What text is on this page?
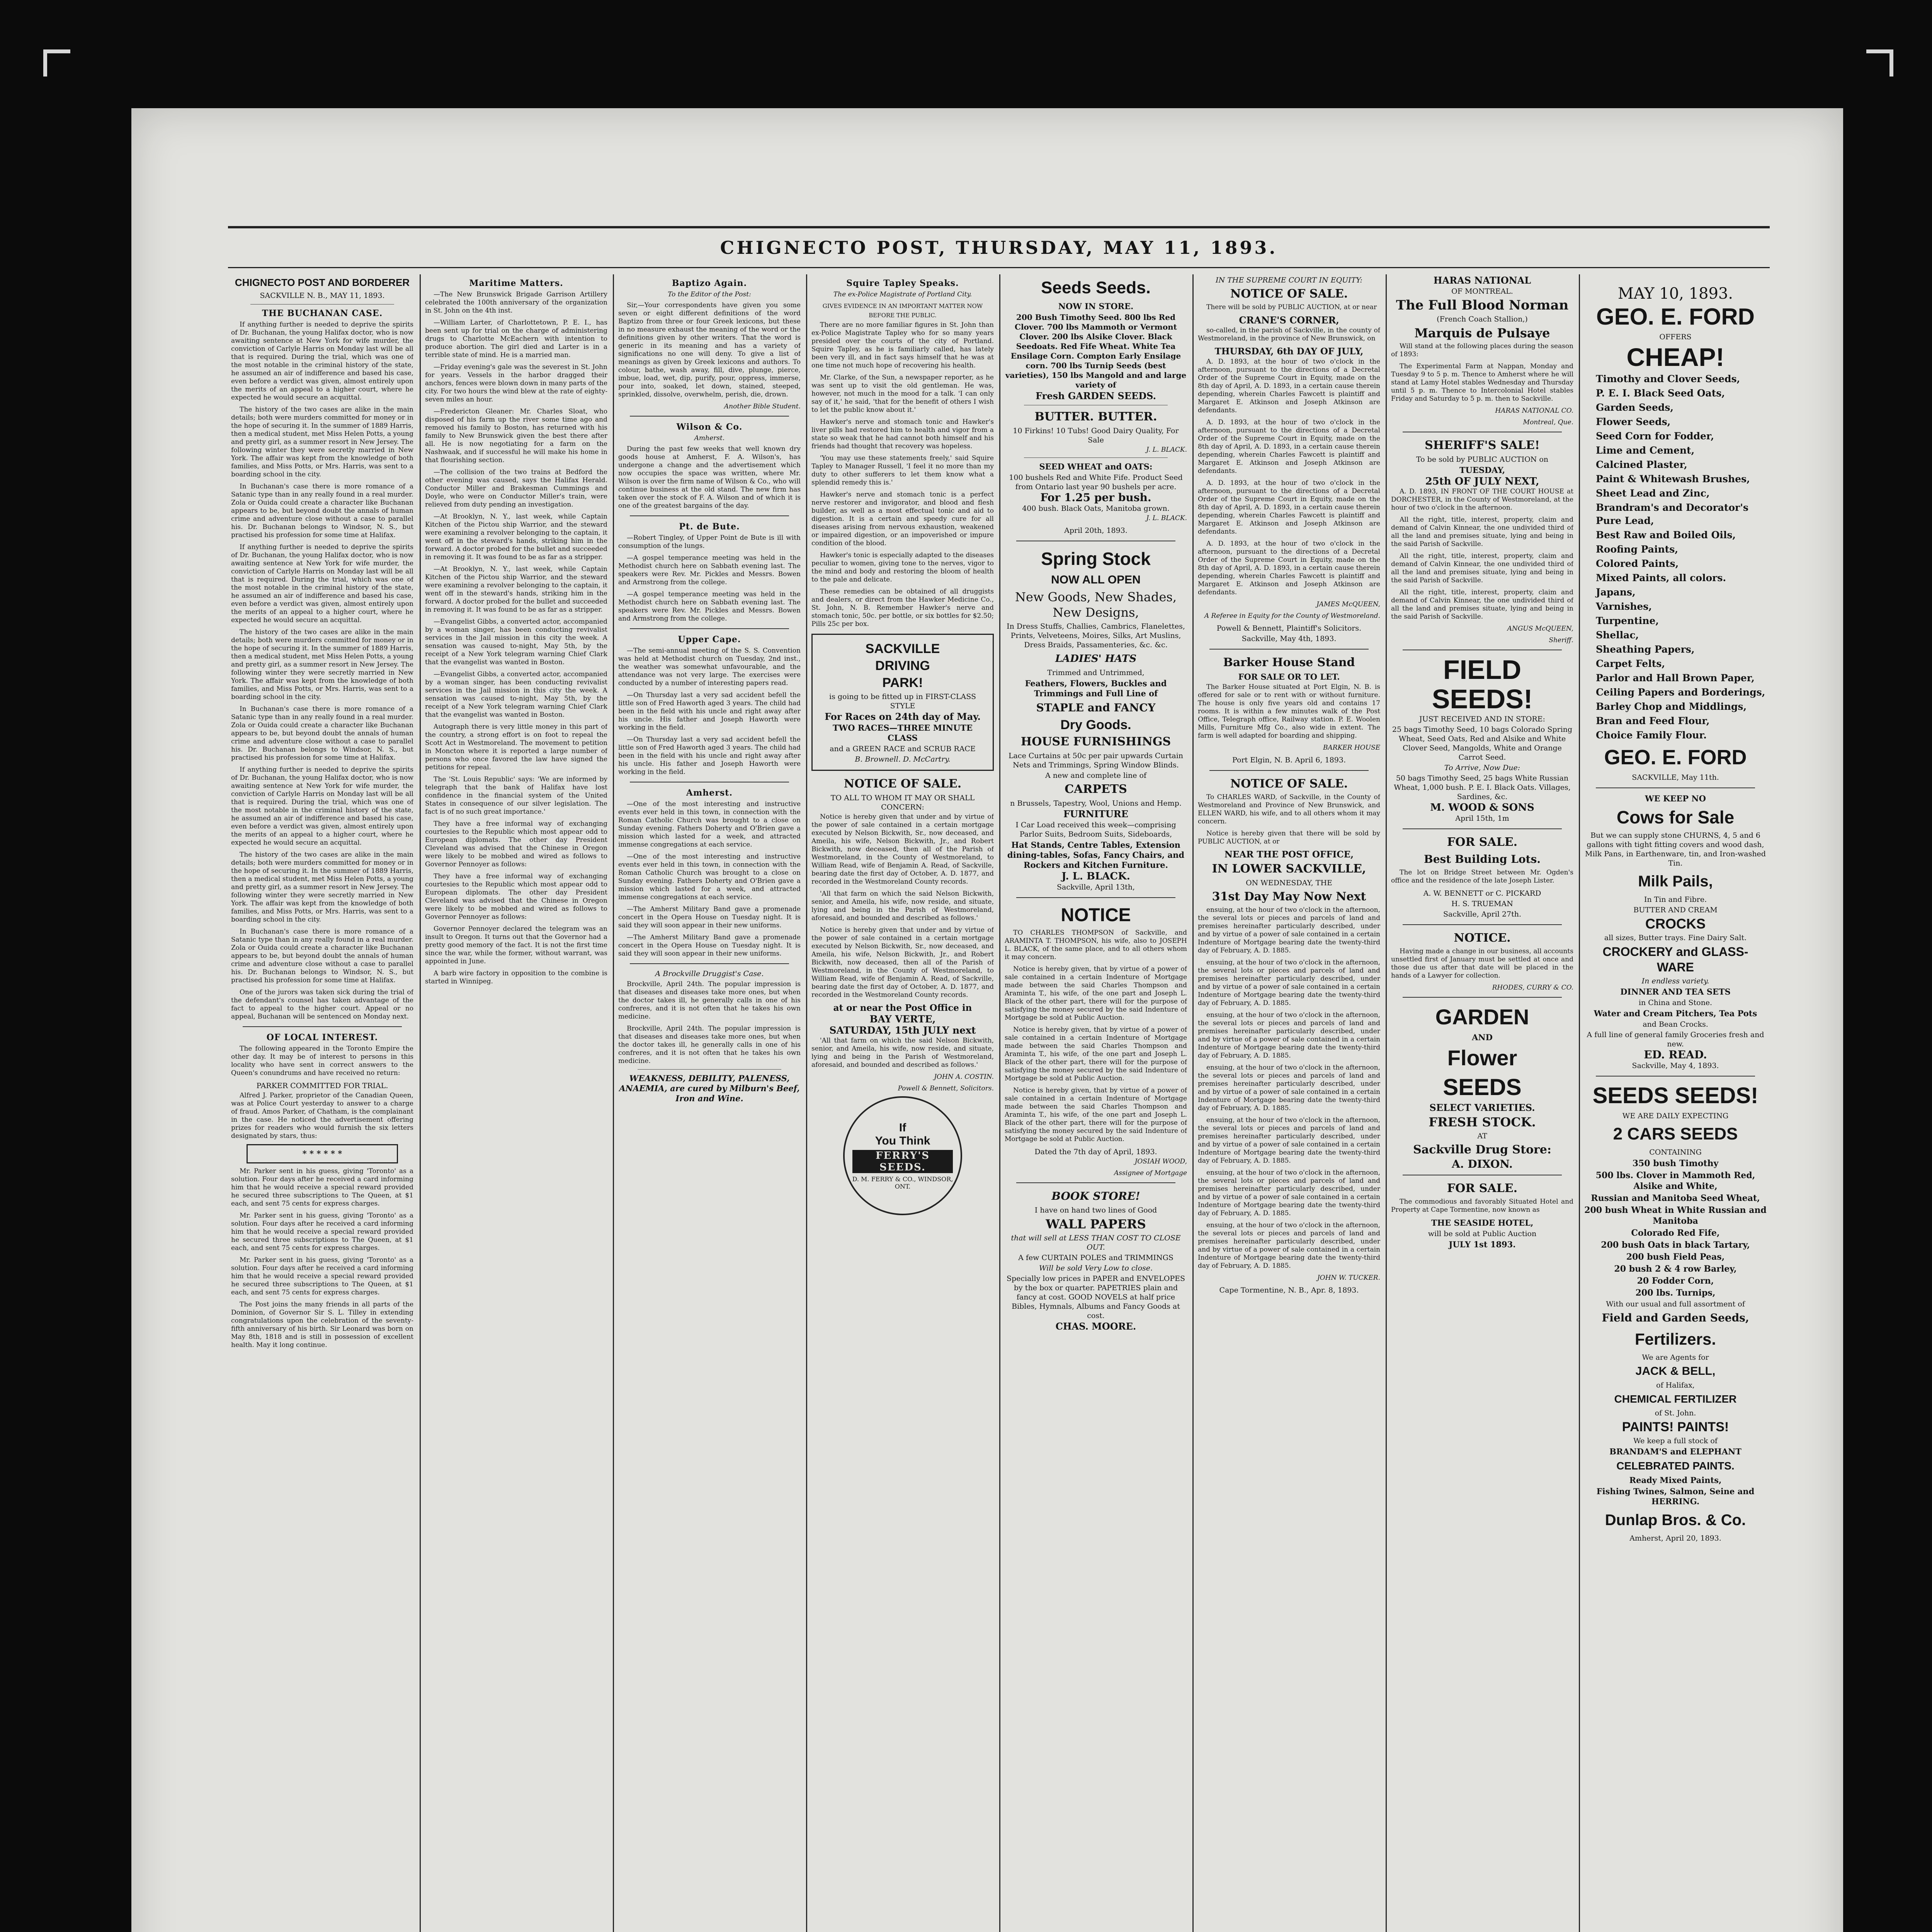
CHIGNECTO POST, THURSDAY, MAY 11, 1893.
CHIGNECTO POST AND BORDERER
SACKVILLE N. B., MAY 11, 1893.
THE BUCHANAN CASE.

If anything further is needed to deprive the spirits of Dr. Buchanan, the young Halifax doctor, who is now awaiting sentence at New York for wife murder, the conviction of Carlyle Harris on Monday last will be all that is required. During the trial, which was one of the most notable in the criminal history of the state, he assumed an air of indifference and based his case, even before a verdict was given, almost entirely upon the merits of an appeal to a higher court, where he expected he would secure an acquittal.

The history of the two cases are alike in the main details; both were murders committed for money or in the hope of securing it. In the summer of 1889 Harris, then a medical student, met Miss Helen Potts, a young and pretty girl, as a summer resort in New Jersey. The following winter they were secretly married in New York. The affair was kept from the knowledge of both families, and Miss Potts, or Mrs. Harris, was sent to a boarding school in the city.

In Buchanan's case there is more romance of a Satanic type than in any really found in a real murder. Zola or Ouida could create a character like Buchanan appears to be, but beyond doubt the annals of human crime and adventure close without a case to parallel his. Dr. Buchanan belongs to Windsor, N. S., but practised his profession for some time at Halifax.

If anything further is needed to deprive the spirits of Dr. Buchanan, the young Halifax doctor, who is now awaiting sentence at New York for wife murder, the conviction of Carlyle Harris on Monday last will be all that is required. During the trial, which was one of the most notable in the criminal history of the state, he assumed an air of indifference and based his case, even before a verdict was given, almost entirely upon the merits of an appeal to a higher court, where he expected he would secure an acquittal.

The history of the two cases are alike in the main details; both were murders committed for money or in the hope of securing it. In the summer of 1889 Harris, then a medical student, met Miss Helen Potts, a young and pretty girl, as a summer resort in New Jersey. The following winter they were secretly married in New York. The affair was kept from the knowledge of both families, and Miss Potts, or Mrs. Harris, was sent to a boarding school in the city.

In Buchanan's case there is more romance of a Satanic type than in any really found in a real murder. Zola or Ouida could create a character like Buchanan appears to be, but beyond doubt the annals of human crime and adventure close without a case to parallel his. Dr. Buchanan belongs to Windsor, N. S., but practised his profession for some time at Halifax.

If anything further is needed to deprive the spirits of Dr. Buchanan, the young Halifax doctor, who is now awaiting sentence at New York for wife murder, the conviction of Carlyle Harris on Monday last will be all that is required. During the trial, which was one of the most notable in the criminal history of the state, he assumed an air of indifference and based his case, even before a verdict was given, almost entirely upon the merits of an appeal to a higher court, where he expected he would secure an acquittal.

The history of the two cases are alike in the main details; both were murders committed for money or in the hope of securing it. In the summer of 1889 Harris, then a medical student, met Miss Helen Potts, a young and pretty girl, as a summer resort in New Jersey. The following winter they were secretly married in New York. The affair was kept from the knowledge of both families, and Miss Potts, or Mrs. Harris, was sent to a boarding school in the city.

In Buchanan's case there is more romance of a Satanic type than in any really found in a real murder. Zola or Ouida could create a character like Buchanan appears to be, but beyond doubt the annals of human crime and adventure close without a case to parallel his. Dr. Buchanan belongs to Windsor, N. S., but practised his profession for some time at Halifax.

One of the jurors was taken sick during the trial of the defendant's counsel has taken advantage of the fact to appeal to the higher court. Appeal or no appeal, Buchanan will be sentenced on Monday next.

OF LOCAL INTEREST.

The following appeared in the Toronto Empire the other day. It may be of interest to persons in this locality who have sent in correct answers to the Queen's conundrums and have received no return:

PARKER COMMITTED FOR TRIAL.

Alfred J. Parker, proprietor of the Canadian Queen, was at Police Court yesterday to answer to a charge of fraud. Amos Parker, of Chatham, is the complainant in the case. He noticed the advertisement offering prizes for readers who would furnish the six letters designated by stars, thus:

* * * * * *

Mr. Parker sent in his guess, giving 'Toronto' as a solution. Four days after he received a card informing him that he would receive a special reward provided he secured three subscriptions to The Queen, at $1 each, and sent 75 cents for express charges.

Mr. Parker sent in his guess, giving 'Toronto' as a solution. Four days after he received a card informing him that he would receive a special reward provided he secured three subscriptions to The Queen, at $1 each, and sent 75 cents for express charges.

Mr. Parker sent in his guess, giving 'Toronto' as a solution. Four days after he received a card informing him that he would receive a special reward provided he secured three subscriptions to The Queen, at $1 each, and sent 75 cents for express charges.

The Post joins the many friends in all parts of the Dominion, of Governor Sir S. L. Tilley in extending congratulations upon the celebration of the seventy-fifth anniversary of his birth. Sir Leonard was born on May 8th, 1818 and is still in possession of excellent health. May it long continue.

Maritime Matters.

—The New Brunswick Brigade Garrison Artillery celebrated the 100th anniversary of the organization in St. John on the 4th inst.

—William Larter, of Charlottetown, P. E. I., has been sent up for trial on the charge of administering drugs to Charlotte McEachern with intention to produce abortion. The girl died and Larter is in a terrible state of mind. He is a married man.

—Friday evening's gale was the severest in St. John for years. Vessels in the harbor dragged their anchors, fences were blown down in many parts of the city. For two hours the wind blew at the rate of eighty-seven miles an hour.

—Fredericton Gleaner: Mr. Charles Sloat, who disposed of his farm up the river some time ago and removed his family to Boston, has returned with his family to New Brunswick given the best there after all. He is now negotiating for a farm on the Nashwaak, and if successful he will make his home in that flourishing section.

—The collision of the two trains at Bedford the other evening was caused, says the Halifax Herald. Conductor Miller and Brakesman Cummings and Doyle, who were on Conductor Miller's train, were relieved from duty pending an investigation.

—At Brooklyn, N. Y., last week, while Captain Kitchen of the Pictou ship Warrior, and the steward were examining a revolver belonging to the captain, it went off in the steward's hands, striking him in the forward. A doctor probed for the bullet and succeeded in removing it. It was found to be as far as a stripper.

—At Brooklyn, N. Y., last week, while Captain Kitchen of the Pictou ship Warrior, and the steward were examining a revolver belonging to the captain, it went off in the steward's hands, striking him in the forward. A doctor probed for the bullet and succeeded in removing it. It was found to be as far as a stripper.

—Evangelist Gibbs, a converted actor, accompanied by a woman singer, has been conducting revivalist services in the Jail mission in this city the week. A sensation was caused to-night, May 5th, by the receipt of a New York telegram warning Chief Clark that the evangelist was wanted in Boston.

—Evangelist Gibbs, a converted actor, accompanied by a woman singer, has been conducting revivalist services in the Jail mission in this city the week. A sensation was caused to-night, May 5th, by the receipt of a New York telegram warning Chief Clark that the evangelist was wanted in Boston.

Autograph there is very little money in this part of the country, a strong effort is on foot to repeal the Scott Act in Westmoreland. The movement to petition in Moncton where it is reported a large number of persons who once favored the law have signed the petitions for repeal.

The 'St. Louis Republic' says: 'We are informed by telegraph that the bank of Halifax have lost confidence in the financial system of the United States in consequence of our silver legislation. The fact is of no such great importance.'

They have a free informal way of exchanging courtesies to the Republic which most appear odd to European diplomats. The other day President Cleveland was advised that the Chinese in Oregon were likely to be mobbed and wired as follows to Governor Pennoyer as follows:

They have a free informal way of exchanging courtesies to the Republic which most appear odd to European diplomats. The other day President Cleveland was advised that the Chinese in Oregon were likely to be mobbed and wired as follows to Governor Pennoyer as follows:

Governor Pennoyer declared the telegram was an insult to Oregon. It turns out that the Governor had a pretty good memory of the fact. It is not the first time since the war, while the former, without warrant, was appointed in June.

A barb wire factory in opposition to the combine is started in Winnipeg.

Baptizo Again.
To the Editor of the Post:

Sir,—Your correspondents have given you some seven or eight different definitions of the word Baptizo from three or four Greek lexicons, but these in no measure exhaust the meaning of the word or the definitions given by other writers. That the word is generic in its meaning and has a variety of significations no one will deny. To give a list of meanings as given by Greek lexicons and authors. To colour, bathe, wash away, fill, dive, plunge, pierce, imbue, load, wet, dip, purify, pour, oppress, immerse, pour into, soaked, let down, stained, steeped, sprinkled, dissolve, overwhelm, perish, die, drown.

Another Bible Student.
Wilson & Co.
Amherst.

During the past few weeks that well known dry goods house at Amherst, F. A. Wilson's, has undergone a change and the advertisement which now occupies the space was written, where Mr. Wilson is over the firm name of Wilson & Co., who will continue business at the old stand. The new firm has taken over the stock of F. A. Wilson and of which it is one of the greatest bargains of the day.

Pt. de Bute.

—Robert Tingley, of Upper Point de Bute is ill with consumption of the lungs.

—A gospel temperance meeting was held in the Methodist church here on Sabbath evening last. The speakers were Rev. Mr. Pickles and Messrs. Bowen and Armstrong from the college.

—A gospel temperance meeting was held in the Methodist church here on Sabbath evening last. The speakers were Rev. Mr. Pickles and Messrs. Bowen and Armstrong from the college.

Upper Cape.

—The semi-annual meeting of the S. S. Convention was held at Methodist church on Tuesday, 2nd inst., the weather was somewhat unfavourable, and the attendance was not very large. The exercises were conducted by a number of interesting papers read.

—On Thursday last a very sad accident befell the little son of Fred Haworth aged 3 years. The child had been in the field with his uncle and right away after his uncle. His father and Joseph Haworth were working in the field.

—On Thursday last a very sad accident befell the little son of Fred Haworth aged 3 years. The child had been in the field with his uncle and right away after his uncle. His father and Joseph Haworth were working in the field.

Amherst.

—One of the most interesting and instructive events ever held in this town, in connection with the Roman Catholic Church was brought to a close on Sunday evening. Fathers Doherty and O'Brien gave a mission which lasted for a week, and attracted immense congregations at each service.

—One of the most interesting and instructive events ever held in this town, in connection with the Roman Catholic Church was brought to a close on Sunday evening. Fathers Doherty and O'Brien gave a mission which lasted for a week, and attracted immense congregations at each service.

—The Amherst Military Band gave a promenade concert in the Opera House on Tuesday night. It is said they will soon appear in their new uniforms.

—The Amherst Military Band gave a promenade concert in the Opera House on Tuesday night. It is said they will soon appear in their new uniforms.

A Brockville Druggist's Case.

Brockville, April 24th. The popular impression is that diseases and diseases take more ones, but when the doctor takes ill, he generally calls in one of his confreres, and it is not often that he takes his own medicine.

Brockville, April 24th. The popular impression is that diseases and diseases take more ones, but when the doctor takes ill, he generally calls in one of his confreres, and it is not often that he takes his own medicine.

WEAKNESS, DEBILITY, PALENESS, ANAEMIA, are cured by Milburn's Beef, Iron and Wine.
Squire Tapley Speaks.
The ex-Police Magistrate of Portland City.
GIVES EVIDENCE IN AN IMPORTANT MATTER NOW BEFORE THE PUBLIC.

There are no more familiar figures in St. John than ex-Police Magistrate Tapley who for so many years presided over the courts of the city of Portland. Squire Tapley, as he is familiarly called, has lately been very ill, and in fact says himself that he was at one time not much hope of recovering his health.

Mr. Clarke, of the Sun, a newspaper reporter, as he was sent up to visit the old gentleman. He was, however, not much in the mood for a talk. 'I can only say of it,' he said, 'that for the benefit of others I wish to let the public know about it.'

Hawker's nerve and stomach tonic and Hawker's liver pills had restored him to health and vigor from a state so weak that he had cannot both himself and his friends had thought that recovery was hopeless.

'You may use these statements freely,' said Squire Tapley to Manager Russell, 'I feel it no more than my duty to other sufferers to let them know what a splendid remedy this is.'

Hawker's nerve and stomach tonic is a perfect nerve restorer and invigorator, and blood and flesh builder, as well as a most effectual tonic and aid to digestion. It is a certain and speedy cure for all diseases arising from nervous exhaustion, weakened or impaired digestion, or an impoverished or impure condition of the blood.

Hawker's tonic is especially adapted to the diseases peculiar to women, giving tone to the nerves, vigor to the mind and body and restoring the bloom of health to the pale and delicate.

These remedies can be obtained of all druggists and dealers, or direct from the Hawker Medicine Co., St. John, N. B. Remember Hawker's nerve and stomach tonic, 50c. per bottle, or six bottles for $2.50; Pills 25c per box.

SACKVILLE
DRIVING
PARK!
is going to be fitted up in FIRST-CLASS STYLE
For Races on 24th day of May.
TWO RACES—THREE MINUTE CLASS
and a GREEN RACE and SCRUB RACE
B. Brownell. D. McCartry.
NOTICE OF SALE.
TO ALL TO WHOM IT MAY OR SHALL CONCERN:

Notice is hereby given that under and by virtue of the power of sale contained in a certain mortgage executed by Nelson Bickwith, Sr., now deceased, and Ameila, his wife, Nelson Bickwith, Jr., and Robert Bickwith, now deceased, then all of the Parish of Westmoreland, in the County of Westmoreland, to William Read, wife of Benjamin A. Read, of Sackville, bearing date the first day of October, A. D. 1877, and recorded in the Westmoreland County records.

'All that farm on which the said Nelson Bickwith, senior, and Ameila, his wife, now reside, and situate, lying and being in the Parish of Westmoreland, aforesaid, and bounded and described as follows.'

Notice is hereby given that under and by virtue of the power of sale contained in a certain mortgage executed by Nelson Bickwith, Sr., now deceased, and Ameila, his wife, Nelson Bickwith, Jr., and Robert Bickwith, now deceased, then all of the Parish of Westmoreland, in the County of Westmoreland, to William Read, wife of Benjamin A. Read, of Sackville, bearing date the first day of October, A. D. 1877, and recorded in the Westmoreland County records.

at or near the Post Office in
BAY VERTE,
SATURDAY, 15th JULY next

'All that farm on which the said Nelson Bickwith, senior, and Ameila, his wife, now reside, and situate, lying and being in the Parish of Westmoreland, aforesaid, and bounded and described as follows.'

JOHN A. COSTIN.
Powell & Bennett, Solicitors.
If
You Think
FERRY'S SEEDS.
D. M. FERRY & CO., WINDSOR, ONT.
Seeds Seeds.
NOW IN STORE.
200 Bush Timothy Seed. 800 lbs Red Clover. 700 lbs Mammoth or Vermont Clover. 200 lbs Alsike Clover. Black Seedoats. Red Fife Wheat. White Tea Ensilage Corn. Compton Early Ensilage corn. 700 lbs Turnip Seeds (best varieties), 150 lbs Mangold and and large variety of
Fresh GARDEN SEEDS.
BUTTER. BUTTER.
10 Firkins! 10 Tubs! Good Dairy Quality, For Sale
J. L. BLACK.
SEED WHEAT and OATS:
100 bushels Red and White Fife. Product Seed from Ontario last year 90 bushels per acre.
For 1.25 per bush.
400 bush. Black Oats, Manitoba grown.
J. L. BLACK.
April 20th, 1893.
Spring Stock
NOW ALL OPEN
New Goods, New Shades, New Designs,
In Dress Stuffs, Challies, Cambrics, Flanelettes, Prints, Velveteens, Moires, Silks, Art Muslins, Dress Braids, Passamenteries, &c. &c.
LADIES' HATS
Trimmed and Untrimmed,
Feathers, Flowers, Buckles and Trimmings and Full Line of
STAPLE and FANCY
Dry Goods.
HOUSE FURNISHINGS
Lace Curtains at 50c per pair upwards Curtain Nets and Trimmings, Spring Window Blinds.
A new and complete line of
CARPETS
n Brussels, Tapestry, Wool, Unions and Hemp.
FURNITURE
I Car Load received this week—comprising Parlor Suits, Bedroom Suits, Sideboards,
Hat Stands, Centre Tables, Extension dining-tables, Sofas, Fancy Chairs, and Rockers and Kitchen Furniture.
J. L. BLACK.
Sackville, April 13th,
NOTICE

TO CHARLES THOMPSON of Sackville, and ARAMINTA T. THOMPSON, his wife, also to JOSEPH L. BLACK, of the same place, and to all others whom it may concern.

Notice is hereby given, that by virtue of a power of sale contained in a certain Indenture of Mortgage made between the said Charles Thompson and Araminta T., his wife, of the one part and Joseph L. Black of the other part, there will for the purpose of satisfying the money secured by the said Indenture of Mortgage be sold at Public Auction.

Notice is hereby given, that by virtue of a power of sale contained in a certain Indenture of Mortgage made between the said Charles Thompson and Araminta T., his wife, of the one part and Joseph L. Black of the other part, there will for the purpose of satisfying the money secured by the said Indenture of Mortgage be sold at Public Auction.

Notice is hereby given, that by virtue of a power of sale contained in a certain Indenture of Mortgage made between the said Charles Thompson and Araminta T., his wife, of the one part and Joseph L. Black of the other part, there will for the purpose of satisfying the money secured by the said Indenture of Mortgage be sold at Public Auction.

Dated the 7th day of April, 1893.
JOSIAH WOOD,
Assignee of Mortgage
BOOK STORE!
I have on hand two lines of Good
WALL PAPERS
that will sell at LESS THAN COST TO CLOSE OUT.
A few CURTAIN POLES and TRIMMINGS
Will be sold Very Low to close.
Specially low prices in PAPER and ENVELOPES by the box or quarter. PAPETRIES plain and fancy at cost. GOOD NOVELS at half price Bibles, Hymnals, Albums and Fancy Goods at cost.
CHAS. MOORE.
IN THE SUPREME COURT IN EQUITY:
NOTICE OF SALE.

There will be sold by PUBLIC AUCTION, at or near

CRANE'S CORNER,

so-called, in the parish of Sackville, in the county of Westmoreland, in the province of New Brunswick, on

THURSDAY, 6th DAY OF JULY,

A. D. 1893, at the hour of two o'clock in the afternoon, pursuant to the directions of a Decretal Order of the Supreme Court in Equity, made on the 8th day of April, A. D. 1893, in a certain cause therein depending, wherein Charles Fawcett is plaintiff and Margaret E. Atkinson and Joseph Atkinson are defendants.

A. D. 1893, at the hour of two o'clock in the afternoon, pursuant to the directions of a Decretal Order of the Supreme Court in Equity, made on the 8th day of April, A. D. 1893, in a certain cause therein depending, wherein Charles Fawcett is plaintiff and Margaret E. Atkinson and Joseph Atkinson are defendants.

A. D. 1893, at the hour of two o'clock in the afternoon, pursuant to the directions of a Decretal Order of the Supreme Court in Equity, made on the 8th day of April, A. D. 1893, in a certain cause therein depending, wherein Charles Fawcett is plaintiff and Margaret E. Atkinson and Joseph Atkinson are defendants.

A. D. 1893, at the hour of two o'clock in the afternoon, pursuant to the directions of a Decretal Order of the Supreme Court in Equity, made on the 8th day of April, A. D. 1893, in a certain cause therein depending, wherein Charles Fawcett is plaintiff and Margaret E. Atkinson and Joseph Atkinson are defendants.

JAMES McQUEEN,
A Referee in Equity for the County of Westmoreland.
Powell & Bennett, Plaintiff's Solicitors.
Sackville, May 4th, 1893.
Barker House Stand
FOR SALE OR TO LET.

The Barker House situated at Port Elgin, N. B. is offered for sale or to rent with or without furniture. The house is only five years old and contains 17 rooms. It is within a few minutes walk of the Post Office, Telegraph office, Railway station. P. E. Woolen Mills, Furniture Mfg Co., also wide in extent. The farm is well adapted for boarding and shipping.

BARKER HOUSE
Port Elgin, N. B. April 6, 1893.
NOTICE OF SALE.

To CHARLES WARD, of Sackville, in the County of Westmoreland and Province of New Brunswick, and ELLEN WARD, his wife, and to all others whom it may concern.

Notice is hereby given that there will be sold by PUBLIC AUCTION, at or

NEAR THE POST OFFICE,
IN LOWER SACKVILLE,
ON WEDNESDAY, THE
31st Day May Now Next

ensuing, at the hour of two o'clock in the afternoon, the several lots or pieces and parcels of land and premises hereinafter particularly described, under and by virtue of a power of sale contained in a certain Indenture of Mortgage bearing date the twenty-third day of February, A. D. 1885.

ensuing, at the hour of two o'clock in the afternoon, the several lots or pieces and parcels of land and premises hereinafter particularly described, under and by virtue of a power of sale contained in a certain Indenture of Mortgage bearing date the twenty-third day of February, A. D. 1885.

ensuing, at the hour of two o'clock in the afternoon, the several lots or pieces and parcels of land and premises hereinafter particularly described, under and by virtue of a power of sale contained in a certain Indenture of Mortgage bearing date the twenty-third day of February, A. D. 1885.

ensuing, at the hour of two o'clock in the afternoon, the several lots or pieces and parcels of land and premises hereinafter particularly described, under and by virtue of a power of sale contained in a certain Indenture of Mortgage bearing date the twenty-third day of February, A. D. 1885.

ensuing, at the hour of two o'clock in the afternoon, the several lots or pieces and parcels of land and premises hereinafter particularly described, under and by virtue of a power of sale contained in a certain Indenture of Mortgage bearing date the twenty-third day of February, A. D. 1885.

ensuing, at the hour of two o'clock in the afternoon, the several lots or pieces and parcels of land and premises hereinafter particularly described, under and by virtue of a power of sale contained in a certain Indenture of Mortgage bearing date the twenty-third day of February, A. D. 1885.

ensuing, at the hour of two o'clock in the afternoon, the several lots or pieces and parcels of land and premises hereinafter particularly described, under and by virtue of a power of sale contained in a certain Indenture of Mortgage bearing date the twenty-third day of February, A. D. 1885.

JOHN W. TUCKER.
Cape Tormentine, N. B., Apr. 8, 1893.
HARAS NATIONAL
OF MONTREAL.
The Full Blood Norman
(French Coach Stallion,)
Marquis de Pulsaye

Will stand at the following places during the season of 1893:

The Experimental Farm at Nappan, Monday and Tuesday 9 to 5 p. m. Thence to Amherst where he will stand at Lamy Hotel stables Wednesday and Thursday until 5 p. m. Thence to Intercolonial Hotel stables Friday and Saturday to 5 p. m. then to Sackville.

HARAS NATIONAL CO.
Montreal, Que.
SHERIFF'S SALE!
To be sold by PUBLIC AUCTION on
TUESDAY,
25th OF JULY NEXT,

A. D. 1893, IN FRONT OF THE COURT HOUSE at DORCHESTER, in the County of Westmoreland, at the hour of two o'clock in the afternoon.

All the right, title, interest, property, claim and demand of Calvin Kinnear, the one undivided third of all the land and premises situate, lying and being in the said Parish of Sackville.

All the right, title, interest, property, claim and demand of Calvin Kinnear, the one undivided third of all the land and premises situate, lying and being in the said Parish of Sackville.

All the right, title, interest, property, claim and demand of Calvin Kinnear, the one undivided third of all the land and premises situate, lying and being in the said Parish of Sackville.

ANGUS McQUEEN,
Sheriff.
FIELD
SEEDS!
JUST RECEIVED AND IN STORE:
25 bags Timothy Seed, 10 bags Colorado Spring Wheat, Seed Oats, Red and Alsike and White Clover Seed, Mangolds, White and Orange Carrot Seed.
To Arrive, Now Due:
50 bags Timothy Seed, 25 bags White Russian Wheat, 1,000 bush. P. E. I. Black Oats. Villages, Sardines, &c.
M. WOOD & SONS
April 15th, 1m
FOR SALE.
Best Building Lots.

The lot on Bridge Street between Mr. Ogden's office and the residence of the late Joseph Lister.

A. W. BENNETT or C. PICKARD
H. S. TRUEMAN
Sackville, April 27th.
NOTICE.

Having made a change in our business, all accounts unsettled first of January must be settled at once and those due us after that date will be placed in the hands of a Lawyer for collection.

RHODES, CURRY & CO.
GARDEN
AND
Flower
SEEDS
SELECT VARIETIES.
FRESH STOCK.
AT
Sackville Drug Store:
A. DIXON.
FOR SALE.

The commodious and favorably Situated Hotel and Property at Cape Tormentine, now known as

THE SEASIDE HOTEL,
will be sold at Public Auction
JULY 1st 1893.
MAY 10, 1893.
GEO. E. FORD
OFFERS
CHEAP!
Timothy and Clover Seeds,
P. E. I. Black Seed Oats,
Garden Seeds,
Flower Seeds,
Seed Corn for Fodder,
Lime and Cement,
Calcined Plaster,
Paint & Whitewash Brushes,
Sheet Lead and Zinc,
Brandram's and Decorator's Pure Lead,
Best Raw and Boiled Oils,
Roofing Paints,
Colored Paints,
Mixed Paints, all colors.
Japans,
Varnishes,
Turpentine,
Shellac,
Sheathing Papers,
Carpet Felts,
Parlor and Hall Brown Paper,
Ceiling Papers and Borderings,
Barley Chop and Middlings,
Bran and Feed Flour,
Choice Family Flour.
GEO. E. FORD
SACKVILLE, May 11th.
WE KEEP NO
Cows for Sale
But we can supply stone CHURNS, 4, 5 and 6 gallons with tight fitting covers and wood dash, Milk Pans, in Earthenware, tin, and Iron-washed Tin.
Milk Pails,
In Tin and Fibre.
BUTTER AND CREAM
CROCKS
all sizes, Butter trays. Fine Dairy Salt.
CROCKERY and GLASS-WARE
In endless variety.
DINNER AND TEA SETS
in China and Stone.
Water and Cream Pitchers, Tea Pots
and Bean Crocks.
A full line of general family Groceries fresh and new.
ED. READ.
Sackville, May 4, 1893.
SEEDS SEEDS!
WE ARE DAILY EXPECTING
2 CARS SEEDS
CONTAINING
350 bush Timothy
500 lbs. Clover in Mammoth Red, Alsike and White,
Russian and Manitoba Seed Wheat,
200 bush Wheat in White Russian and Manitoba
Colorado Red Fife,
200 bush Oats in black Tartary,
200 bush Field Peas,
20 bush 2 & 4 row Barley,
20 Fodder Corn,
200 lbs. Turnips,
With our usual and full assortment of
Field and Garden Seeds,
Fertilizers.
We are Agents for
JACK & BELL,
of Halifax,
CHEMICAL FERTILIZER
of St. John.
PAINTS! PAINTS!
We keep a full stock of
BRANDAM'S and ELEPHANT
CELEBRATED PAINTS.
Ready Mixed Paints,
Fishing Twines, Salmon, Seine and HERRING.
Dunlap Bros. & Co.
Amherst, April 20, 1893.
